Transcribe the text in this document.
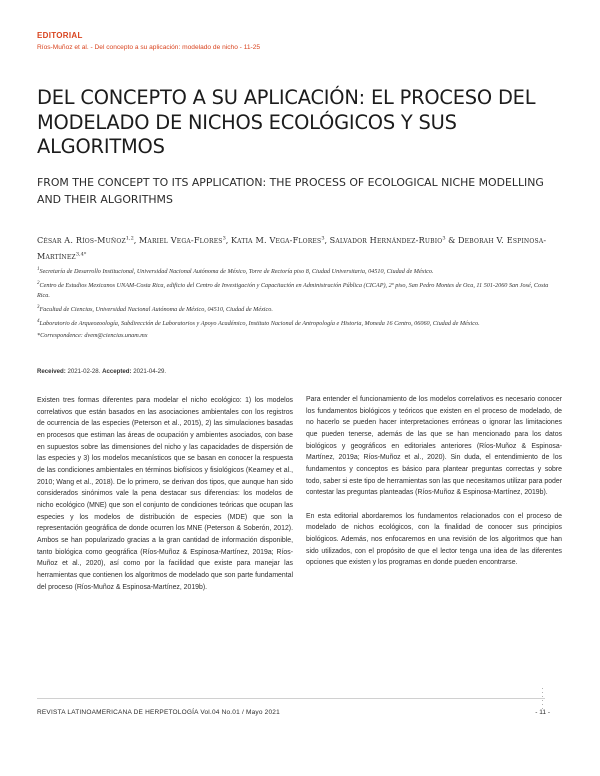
EDITORIAL
Ríos-Muñoz et al. - Del concepto a su aplicación: modelado de nicho - 11-25
DEL CONCEPTO A SU APLICACIÓN: EL PROCESO DEL MODELADO DE NICHOS ECOLÓGICOS Y SUS ALGORITMOS
FROM THE CONCEPT TO ITS APPLICATION: THE PROCESS OF ECOLOGICAL NICHE MODELLING AND THEIR ALGORITHMS
César A. Ríos-Muñoz$^{1,2}$, Mariel Vega-Flores$^3$, Katia M. Vega-Flores$^3$, Salvador Hernández-Rubio$^3$ & Deborah V. Espinosa-Martínez$^{3,4*}$

$^1$Secretaría de Desarrollo Institucional, Universidad Nacional Autónoma de México, Torre de Rectoría piso 8, Ciudad Universitaria, 04510, Ciudad de México.

$^2$Centro de Estudios Mexicanos UNAM-Costa Rica, edificio del Centro de Investigación y Capacitación en Administración Pública (CICAP), 2º piso, San Pedro Montes de Oca, 11 501-2060 San José, Costa Rica.

$^3$Facultad de Ciencias, Universidad Nacional Autónoma de México, 04510, Ciudad de México.

$^4$Laboratorio de Arqueozoología, Subdirección de Laboratorios y Apoyo Académico, Instituto Nacional de Antropología e Historia, Moneda 16 Centro, 06060, Ciudad de México.

*Correspondence: dvem@ciencias.unam.mx

Received: 2021-02-28. Accepted: 2021-04-29.

Existen tres formas diferentes para modelar el nicho ecológico: 1) los modelos correlativos que están basados en las asociaciones ambientales con los registros de ocurrencia de las especies (Peterson et al., 2015), 2) las simulaciones basadas en procesos que estiman las áreas de ocupación y ambientes asociados, con base en supuestos sobre las dimensiones del nicho y las capacidades de dispersión de las especies y 3) los modelos mecanísticos que se basan en conocer la respuesta de las condiciones ambientales en términos biofísicos y fisiológicos (Kearney et al., 2010; Wang et al., 2018). De lo primero, se derivan dos tipos, que aunque han sido considerados sinónimos vale la pena destacar sus diferencias: los modelos de nicho ecológico (MNE) que son el conjunto de condiciones teóricas que ocupan las especies y los modelos de distribución de especies (MDE) que son la representación geográfica de donde ocurren los MNE (Peterson & Soberón, 2012). Ambos se han popularizado gracias a la gran cantidad de información disponible, tanto biológica como geográfica (Ríos-Muñoz & Espinosa-Martínez, 2019a; Ríos-Muñoz et al., 2020), así como por la facilidad que existe para manejar las herramientas que contienen los algoritmos de modelado que son parte fundamental del proceso (Ríos-Muñoz & Espinosa-Martínez, 2019b).

Para entender el funcionamiento de los modelos correlativos es necesario conocer los fundamentos biológicos y teóricos que existen en el proceso de modelado, de no hacerlo se pueden hacer interpretaciones erróneas o ignorar las limitaciones que pueden tenerse, además de las que se han mencionado para los datos biológicos y geográficos en editoriales anteriores (Ríos-Muñoz & Espinosa-Martínez, 2019a; Ríos-Muñoz et al., 2020). Sin duda, el entendimiento de los fundamentos y conceptos es básico para plantear preguntas correctas y sobre todo, saber si este tipo de herramientas son las que necesitamos utilizar para poder contestar las preguntas planteadas (Ríos-Muñoz & Espinosa-Martínez, 2019b).

En esta editorial abordaremos los fundamentos relacionados con el proceso de modelado de nichos ecológicos, con la finalidad de conocer sus principios biológicos. Además, nos enfocaremos en una revisión de los algoritmos que han sido utilizados, con el propósito de que el lector tenga una idea de las diferentes opciones que existen y los programas en donde pueden encontrarse.

REVISTA LATINOAMERICANA DE HERPETOLOGÍA Vol.04 No.01 / Mayo 2021	- 11 -
